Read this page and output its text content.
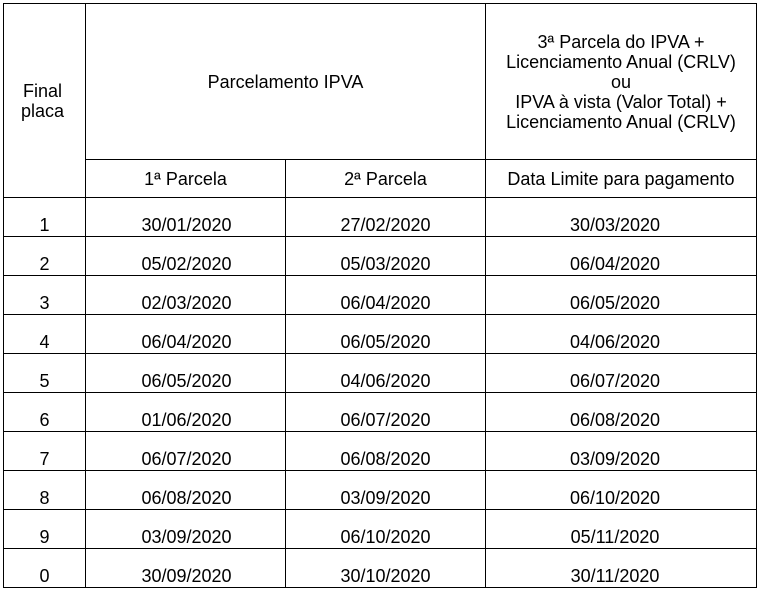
Final
placa
	Parcelamento IPVA	
3ª Parcela do IPVA +
Licenciamento Anual (CRLV)
ou
IPVA à vista (Valor Total) +
Licenciamento Anual (CRLV)

	1ª Parcela	2ª Parcela	Data Limite para pagamento
1	30/01/2020	27/02/2020	30/03/2020
2	05/02/2020	05/03/2020	06/04/2020
3	02/03/2020	06/04/2020	06/05/2020
4	06/04/2020	06/05/2020	04/06/2020
5	06/05/2020	04/06/2020	06/07/2020
6	01/06/2020	06/07/2020	06/08/2020
7	06/07/2020	06/08/2020	03/09/2020
8	06/08/2020	03/09/2020	06/10/2020
9	03/09/2020	06/10/2020	05/11/2020
0	30/09/2020	30/10/2020	30/11/2020
